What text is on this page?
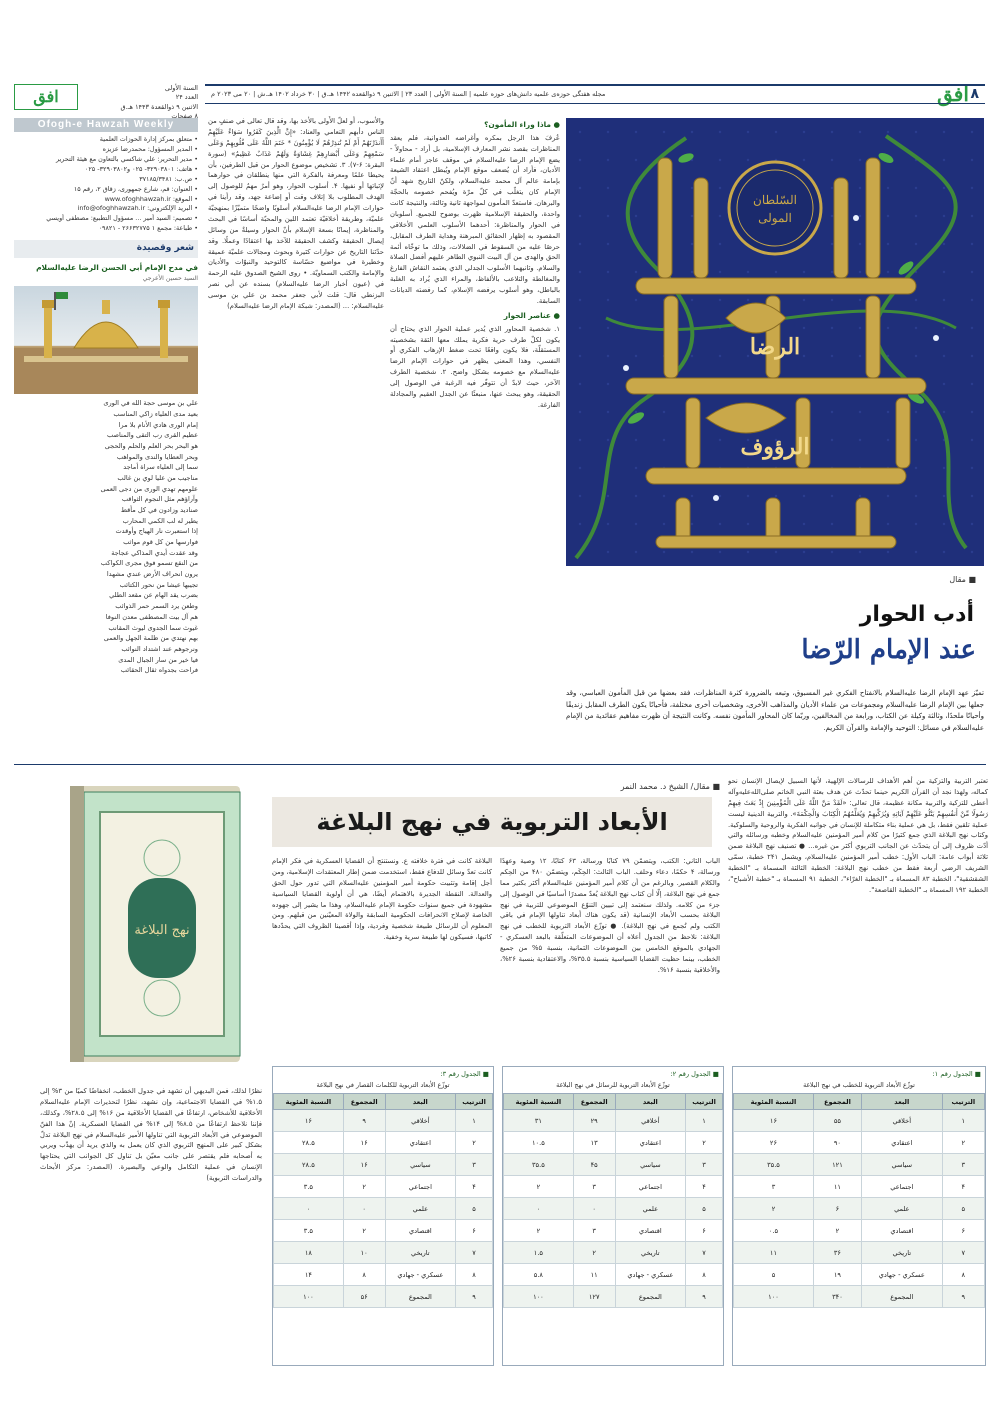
افق ۸
مجله هفتگی حوزه‌ی علمیه دانش‌های حوزه علمیه | السنة الأولى | العدد ۲۳ | الاثنين ۹ ذوالقعده ۱۴۴۲ هـ.ق | ۳۰ خرداد ۱۴۰۲ هـ.ش | ۲۰ می ۲۰۲۳ م
السّلطان
المولى
الرضا
الرؤوف
■ مقال
أدب الحوار
عند الإمام الرّضا
تميّز عهد الإمام الرضا عليه‌السلام بالانفتاح الفكري غير المسبوق، وتبعه بالضرورة كثرة المناظرات، فقد بعضها من قبل المأمون العباسي، وقد جعلها بين الإمام الرضا عليه‌السلام ومجموعات من علماء الأديان والمذاهب الأخرى، وشخصيات أخرى مختلفة، فأحيانًا يكون الطرف المقابل زنديقًا وأحيانًا ملحدًا، وثالثة وكيلة عن الكتاب، ورابعة من المخالفين، وربّما كان المحاور المأمون نفسه. وكانت النتيجة أن ظهرت مفاهيم عقائدية من الإمام عليه‌السلام في مسائل: التوحيد والإمامة والقرآن الكريم.
● ماذا وراء المأمون؟

عُرفَ هذا الرجل بمكره وأغراضه العدوانية، فلم يعقد المناظرات بقصد نشر المعارف الإسلامية، بل أراد - محاولاً - يضع الإمام الرضا عليه‌السلام في موقف عاجز أمام علماء الأديان، فأراد أن يُضعف موقع الإمام ويُبطل اعتقاد الشيعة بإمامة عالم آل محمد عليه‌السلام، ولكنّ التاريخ شهد أنّ الإمام كان يتغلّب في كلّ مرّة ويُفحم خصومه بالحجّة والبرهان. فاستعدّ المأمون لمواجهة ثانية وثالثة، والنتيجة كانت واحدة، والحقيقة الإسلامية ظهرت بوضوح للجميع. أسلوبان في الحوار والمناظرة: أحدهما الأسلوب العلمي الأخلاقي المقصود به إظهار الحقائق المبرهنة وهداية الطرف المقابل، حرصًا عليه من السقوط في الضلالات، وذلك ما توخّاه أئمة الحق والهدى من آل البيت النبوي الطاهر عليهم أفضل الصلاة والسلام. وثانيهما الأسلوب الجدلي الذي يعتمد النقاش الفارغ والمغالطة والتلاعب بالألفاظ، والمراء الذي يُراد به الغلبة بالباطل، وهو أسلوب يرفضه الإسلام، كما رفضته الديانات السابقة.

● عناصر الحوار

۱. شخصية المحاور الذي يُدير عملية الحوار الذي يحتاج أن يكون لكلّ طرف حرية فكرية يملك معها الثقة بشخصيته المستقلّة، فلا يكون واقعًا تحت ضغط الإرهاب الفكري أو النفسي، وهذا المعنى يظهر في حوارات الإمام الرضا عليه‌السلام مع خصومه بشكل واضح. ۲. شخصية الطرف الآخر، حيث لابدّ أن تتوفّر فيه الرغبة في الوصول إلى الحقيقة، وهو يبحث عنها، منبعثًا عن الجدل العقيم والمجادلة الفارغة.

والأسوب، أو لعلّ الأَولى بالأخذ بها، وقد قال تعالى في صنفٍ من الناس دأبهم التعامي والعناد: «إِنَّ الَّذِينَ كَفَرُوا سَوَاءٌ عَلَيْهِمْ أَأَنذَرْتَهُمْ أَمْ لَمْ تُنذِرْهُمْ لَا يُؤْمِنُونَ * خَتَمَ اللَّهُ عَلَى قُلُوبِهِمْ وَعَلَى سَمْعِهِمْ وَعَلَى أَبْصَارِهِمْ غِشَاوَةٌ وَلَهُمْ عَذَابٌ عَظِيمٌ» (سورة البقرة: ۶-۷). ۳. تشخيص موضوع الحوار من قبل الطرفين، بأن يحيطا علمًا ومعرفة بالفكرة التي منها ينطلقان في حوارهما لإثباتها أو نفيها. ۴. أسلوب الحوار، وهو أمرٌ مهمٌ للوصول إلى الهدف المطلوب بلا إتلاف وقت أو إضاعة جهد، وقد رأينا في حوارات الإمام الرضا عليه‌السلام أسلوبًا واضحًا متميّزًا بمنهجيّة علميّة، وطريقة أخلاقيّة تعتمد اللين والمحبّة أساسًا في البحث والمناظرة، إيمانًا بسعة الإسلام بأنّ الحوار وسيلةٌ من وسائل إيصال الحقيقة وكشف الحقيقة للآخذ بها اعتقادًا وعملًا. وقد حدّثنا التاريخ عن حوارات كثيرة وبحوث ومجالات علميّة عميقة وخطيرة في مواضيع حسّاسة كالتوحيد والنبوّات والأديان والإمامة والكتب السماويّة. • روى الشيخ الصدوق عليه الرحمة في (عيون أخبار الرضا عليه‌السلام) بسنده عن أبي نصر البزنطي قال: قلت لأبي جعفر محمد بن علي بن موسى عليه‌السلام: ... (المصدر: شبكة الإمام الرضا عليه‌السلام)

السنة الأولی
العدد ۲۴
الاثنين ۹ ذوالقعدة ۱۴۴۳ هـ.ق
۸ صفحات
افق
Ofogh-e Hawzah Weekly
• متعلق بمركز إدارة الحوزات العلمية
• المدير المسؤول: محمدرضا عزيزه
• مدير التحرير: علي شاكسي بالتعاون مع هيئة التحرير
• هاتف: ۳۲۹۰۳۸۰۱- ۰۲۵ و۳۲۹۰۳۸۰۲- ۰۲۵
• ص.ب: ۳۷۱۸۵/۳۴۸۱
• العنوان: قم، شارع جمهوری، زقاق ۲، رقم ۱۵
• الموقع: www.ofoghhawzah.ir
• البريد الإلكتروني: info@ofoghhawzah.ir
• تصميم: السيد أمير ... مسؤول التطبيع: مصطفى أويسي
• طباعة: مجمع ۱ ۲۶۶۳۲۷۷۵ - ۰۹۸۲۱
شعر وقصيدة
في مدح الإمام أبي الحسن الرضا عليه‌السلام
السيد حسين الأعرجي
علي بن موسى حجة الله في الورى
بعيد مدى العلياء زاكي المناسب
إمام الورى هادي الأنام بلا مرا
عظيم القرى رب التقى والمناصب
هو البحر بحر العلم والحلم والحجى
وبحر العطايا والندى والمواهب
سما إلى العلياء سراة أماجد
مناجيب من عليا لوي بن غالب
علومهم تهدي الورى من دجى العمى
وآراؤهم مثل النجوم الثواقب
صناديد وزادون في كل مأقط
يطير له لب الكمي المحارب
إذا استعبرت نار الهياج وأوقدت
فوارسها من كل قوم مواثب
وقد عقدت أيدي المذاكي عجاجة
من النقع تسمو فوق مجرى الكواكب
يرون انحراف الأرض عندي مشهدا
تجيبها عيشا من نحور الكتائب
بضرب يقد الهام عن مقعد الطلي
وطعن يرد السمر حمر الذوائب
هم آل بيت المصطفى معدن النوفا
غيوث سما الجدوى ليوث المقانب
بهم نهتدي من ظلمة الجهل والعمى
ونرجوهم عند اشتداد النوائب
فيا خير من سار الجبال المدى
فراحت بجدواه ثقال الحقائب
■ مقال/ الشيخ د. محمد النمر
الأبعاد التربوية في نهج البلاغة
نهج البلاغة

تعتبر التربية والتزكية من أهم الأهداف للرسالات الإلهية، لأنها السبيل لإيصال الإنسان نحو كماله، ولهذا نجد أن القرآن الكريم حينما تحدّث عن هدف بعثة النبي الخاتم صلى‌الله‌عليه‌وآله أعطى للتزكية والتربية مكانة عظيمة، قال تعالى: «لَقَدْ مَنَّ اللَّهُ عَلَى الْمُؤْمِنِينَ إِذْ بَعَثَ فِيهِمْ رَسُولًا مِّنْ أَنفُسِهِمْ يَتْلُو عَلَيْهِمْ آيَاتِهِ وَيُزَكِّيهِمْ وَيُعَلِّمُهُمُ الْكِتَابَ وَالْحِكْمَةَ». والتربية الدينية ليست عملية تلقين فقط، بل هي عملية بناء متكاملة للإنسان في جوانبه الفكرية والروحية والسلوكية. وكتاب نهج البلاغة الذي جمع كثيرًا من كلام أمير المؤمنين عليه‌السلام وخطبه ورسائله والتي أدّت ظروف إلى أن يتحدّث عن الجانب التربوي أكثر من غيره... ● تصنيف نهج البلاغة ضمن ثلاثة أبواب عامة: الباب الأول: خطب أمير المؤمنين عليه‌السلام، ويشمل ۲۴۱ خطبة، سمّى الشريف الرضي أربعة فقط من خطب نهج البلاغة: الخطبة الثالثة المسماة بـ "الخطبة الشقشقية"، الخطبة ۸۳ المسماة بـ "الخطبة الغرّاء"، الخطبة ۹۱ المسماة بـ "خطبة الأشباح"، الخطبة ۱۹۲ المسماة بـ "الخطبة القاصعة".

الباب الثاني: الكتب، ويتضمّن ۷۹ كتابًا ورسالة، ۶۳ كتابًا، ۱۲ وصية وعهدًا ورسالة، ۴ حكمًا، دعاء وحلف. الباب الثالث: الحِكَم، ويتضمّن ۴۸۰ من الحِكم والكلام القصير. وبالرغم من أن كلام أمير المؤمنين عليه‌السلام أكثر بكثير مما جمع في نهج البلاغة، إلّا أن كتاب نهج البلاغة يُعدّ مصدرًا أساسيًا في الوصول إلى جزء من كلامه. ولذلك سنعتمد إلى تبيين التنوّع الموضوعي للتربية في نهج البلاغة بحسب الأبعاد الإنسانية (قد يكون هناك أبعاد تناولها الإمام في باقي الكتب ولم تُجمع في نهج البلاغة). ● توزّع الأبعاد التربوية للخطب في نهج البلاغة: نلاحظ من الجدول أعلاه أن الموضوعات المتعلّقة بالبعد العسكري - الجهادي بالموقع الخامس بين الموضوعات الثمانية، بنسبة ۵% من جميع الخطب، بينما حظيت القضايا السياسية بنسبة ۳۵.۵%، والاعتقادية بنسبة ۲۶%، والأخلاقية بنسبة ۱۶%.

البلاغة كانت في فترة خلافته ع. ونستنتج أن القضايا العسكرية في فكر الإمام كانت تعدّ وسائل للدفاع فقط، استخدمت ضمن إطار المعتقدات الإسلامية، ومن أجل إقامة وتثبيت حكومة أمير المؤمنين عليه‌السلام التي تدور حول الحق والعدالة. النقطة الجديرة بالاهتمام أيضًا، هي أن أولوية القضايا السياسية مشهودة في جميع سنوات حكومة الإمام عليه‌السلام، وهذا ما يشير إلى جهوده الخاصة لإصلاح الانحرافات الحكومية السابقة والولاة المعيّنين من قبلهم. ومن المعلوم أن للرسائل طبيعة شخصية وفردية، وإذا أقصينا الظروف التي يحدّدها كاتبها، فسيكون لها طبيعة سرية وخفية.

نظرًا لذلك، فمن البديهي أن تشهد في جدول الخطب، انخفاضًا كميًا من ۳% إلى ۱.۵% في القضايا الاجتماعية، وإن نشهد، نظرًا لتحذيرات الإمام عليه‌السلام الأخلاقية للأشخاص، ارتفاعًا في القضايا الأخلاقية من ۱۶% إلى ۲۸.۵%، وكذلك، فإننا نلاحظ ارتفاعًا من ۸.۵% إلى ۱۴% في القضايا العسكرية. إنّ هذا الفنّ الموضوعي في الأبعاد التربوية التي تناولها الأمير عليه‌السلام في نهج البلاغة تدلّ بشكل كبير على المنهج التربوي الذي كان يعمل به والذي يريد أن يهذّب ويربي به أصحابه فلم يقتصر على جانب معيّن بل تناول كل الجوانب التي يحتاجها الإنسان في عملية التكامل والوعي والبصيرة. (المصدر: مركز الأبحاث والدراسات التربوية)

■ الجدول رقم ۱:
توزّع الأبعاد التربوية للخطب في نهج البلاغة
الترتيب	البعد	المجموع	النسبة المئوية
۱	أخلاقي	۵۵	۱۶
۲	اعتقادي	۹۰	۲۶
۳	سياسي	۱۲۱	۳۵.۵
۴	اجتماعي	۱۱	۳
۵	علمي	۶	۲
۶	اقتصادي	۲	۰.۵
۷	تاريخي	۳۶	۱۱
۸	عسكري - جهادي	۱۹	۵
۹	المجموع	۳۴۰	۱۰۰
■ الجدول رقم ۲:
توزّع الأبعاد التربوية للرسائل في نهج البلاغة
الترتيب	البعد	المجموع	النسبة المئوية
۱	أخلاقي	۲۹	۳۱
۲	اعتقادي	۱۳	۱۰.۵
۳	سياسي	۴۵	۳۵.۵
۴	اجتماعي	۳	۲
۵	علمي	۰	۰
۶	اقتصادي	۳	۲
۷	تاريخي	۲	۱.۵
۸	عسكري - جهادي	۱۱	۵.۸
۹	المجموع	۱۲۷	۱۰۰
■ الجدول رقم ۳:
توزّع الأبعاد التربوية للكلمات القصار في نهج البلاغة
الترتيب	البعد	المجموع	النسبة المئوية
۱	أخلاقي	۹	۱۶
۲	اعتقادي	۱۶	۲۸.۵
۳	سياسي	۱۶	۲۸.۵
۴	اجتماعي	۲	۳.۵
۵	علمي	۰	۰
۶	اقتصادي	۲	۳.۵
۷	تاريخي	۱۰	۱۸
۸	عسكري - جهادي	۸	۱۴
۹	المجموع	۵۶	۱۰۰
